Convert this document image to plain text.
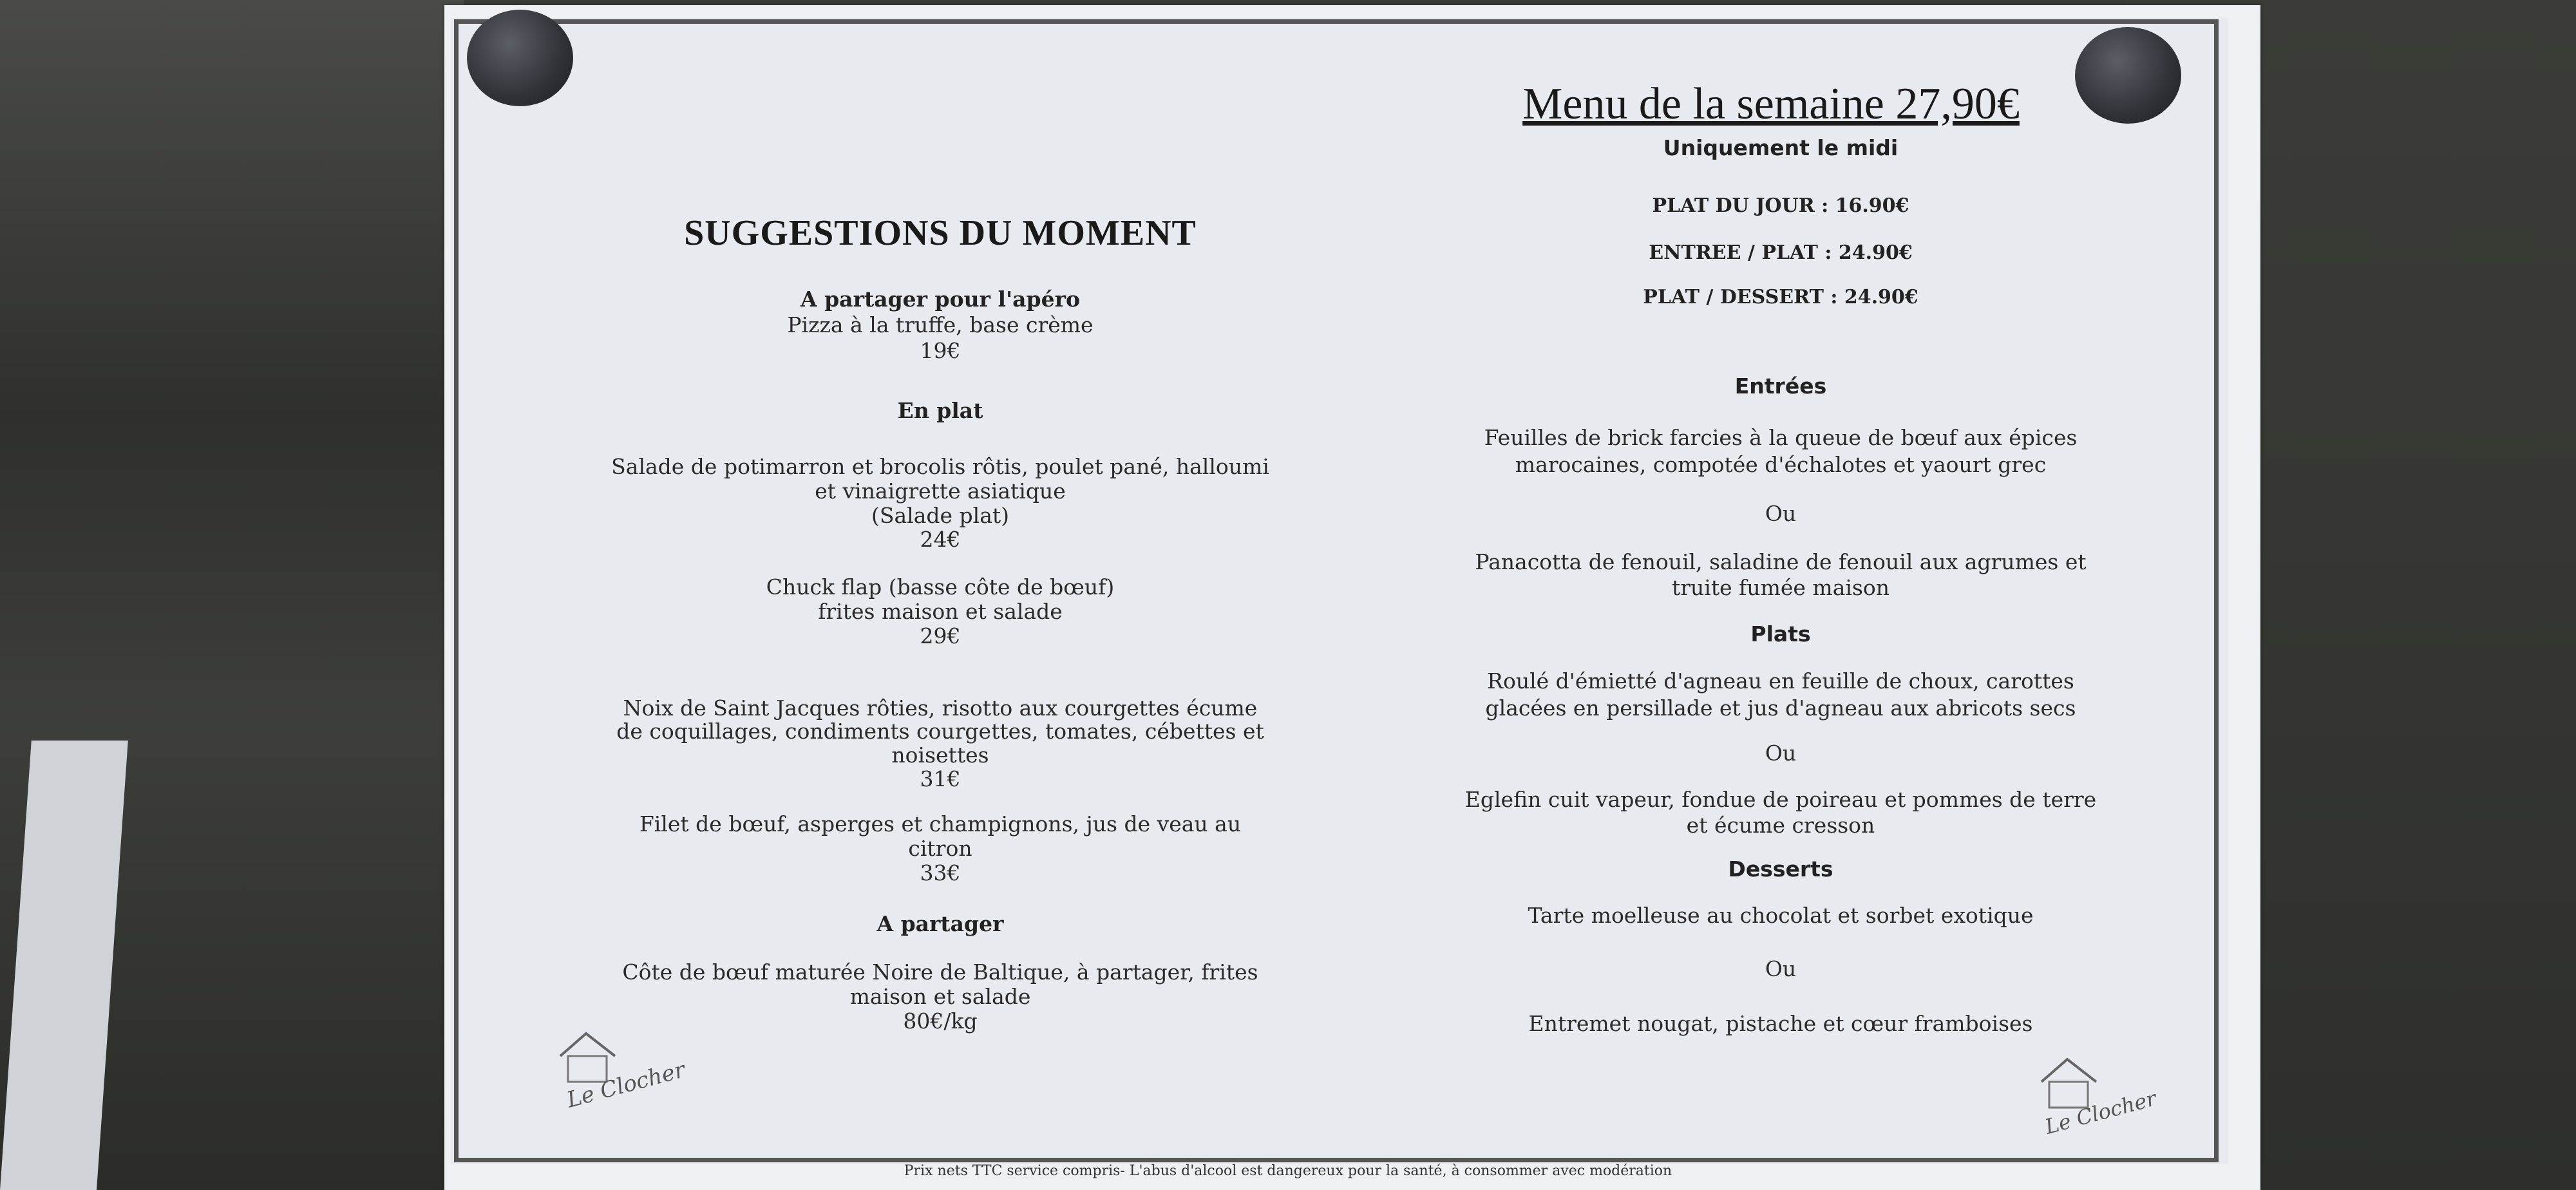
SUGGESTIONS DU MOMENT
A partager pour l'apéro
Pizza à la truffe, base crème
19€
En plat
Salade de potimarron et brocolis rôtis, poulet pané, halloumi
et vinaigrette asiatique
(Salade plat)
24€
Chuck flap (basse côte de bœuf)
frites maison et salade
29€
Noix de Saint Jacques rôties, risotto aux courgettes écume
de coquillages, condiments courgettes, tomates, cébettes et
noisettes
31€
Filet de bœuf, asperges et champignons, jus de veau au
citron
33€
A partager
Côte de bœuf maturée Noire de Baltique, à partager, frites
maison et salade
80€/kg
Menu de la semaine 27,90€
Uniquement le midi
PLAT DU JOUR : 16.90€
ENTREE / PLAT : 24.90€
PLAT / DESSERT : 24.90€
Entrées
Feuilles de brick farcies à la queue de bœuf aux épices
marocaines, compotée d'échalotes et yaourt grec
Ou
Panacotta de fenouil, saladine de fenouil aux agrumes et
truite fumée maison
Plats
Roulé d'émietté d'agneau en feuille de choux, carottes
glacées en persillade et jus d'agneau aux abricots secs
Ou
Eglefin cuit vapeur, fondue de poireau et pommes de terre
et écume cresson
Desserts
Tarte moelleuse au chocolat et sorbet exotique
Ou
Entremet nougat, pistache et cœur framboises
Le Clocher	Le Clocher
Prix nets TTC service compris- L'abus d'alcool est dangereux pour la santé, à consommer avec modération
